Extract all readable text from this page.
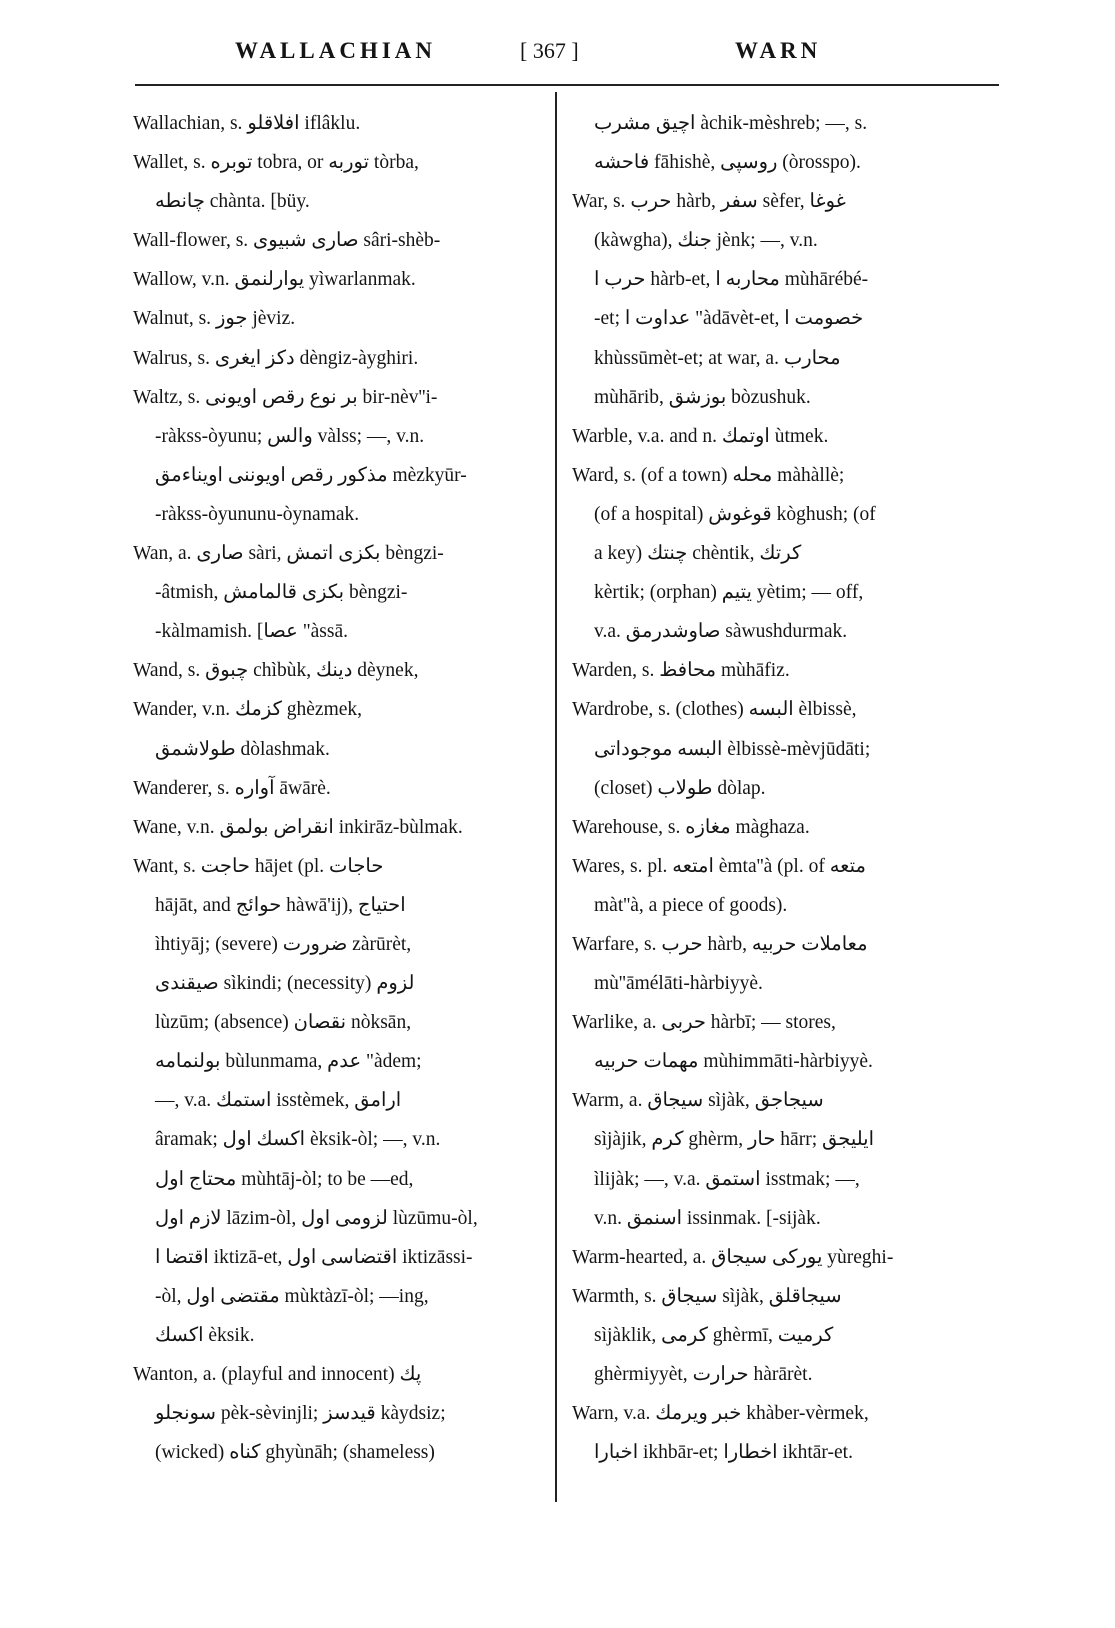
WALLACHIAN	[ 367 ]	WARN
Wallachian, s. افلاقلو iflâklu.
Wallet, s. توبره tobra, or توربه tòrba,
چانطه chànta. [büy.
Wall-flower, s. صارى شبيوى sâri-shèb-
Wallow, v.n. يوارلنمق yìwarlanmak.
Walnut, s. جوز jèviz.
Walrus, s. دكز ايغرى dèngiz-àyghiri.
Waltz, s. بر نوع رقص اويونى bir-nèv''i-
-ràkss-òyunu; والس vàlss; —, v.n.
مذكور رقص اويوننى اويناءمق mèzkyūr-
-ràkss-òyununu-òynamak.
Wan, a. صارى sàri, بكزى اتمش bèngzi-
-âtmish, بكزى قالمامش bèngzi-
-kàlmamish. [عصا "àssā.
Wand, s. چبوق chìbùk, دينك dèynek,
Wander, v.n. كزمك ghèzmek,
طولاشمق dòlashmak.
Wanderer, s. آواره āwārè.
Wane, v.n. انقراض بولمق inkirāz-bùlmak.
Want, s. حاجت hājet (pl. حاجات
hājāt, and حوائج hàwā'ij), احتياج
ìhtiyāj; (severe) ضرورت zàrūrèt,
صيقندى sìkindi; (necessity) لزوم
lùzūm; (absence) نقصان nòksān,
بولنمامه bùlunmama, عدم "àdem;
—, v.a. استمك isstèmek, ارامق
âramak; اكسك اول èksik-òl; —, v.n.
محتاج اول mùhtāj-òl; to be —ed,
لازم اول lāzim-òl, لزومى اول lùzūmu-òl,
اقتضا ا iktizā-et, اقتضاسى اول iktizāssi-
-òl, مقتضى اول mùktàzī-òl; —ing,
اكسك èksik.
Wanton, a. (playful and innocent) پك
سونجلو pèk-sèvinjli; قيدسز kàydsiz;
(wicked) كناه ghyùnāh; (shameless)
اچيق مشرب àchik-mèshreb; —, s.
فاحشه fāhishè, روسپى (òrosspo).
War, s. حرب hàrb, سفر sèfer, غوغا
(kàwgha), جنك jènk; —, v.n.
حرب ا hàrb-et, محاربه ا mùhārébé-
-et; عداوت ا "àdāvèt-et, خصومت ا
khùssūmèt-et; at war, a. محارب
mùhārib, بوزشق bòzushuk.
Warble, v.a. and n. اوتمك ùtmek.
Ward, s. (of a town) محله màhàllè;
(of a hospital) قوغوش kòghush; (of
a key) چنتك chèntik, كرتك
kèrtik; (orphan) يتيم yètim; — off,
v.a. صاوشدرمق sàwushdurmak.
Warden, s. محافظ mùhāfiz.
Wardrobe, s. (clothes) البسه èlbissè,
البسه موجوداتى èlbissè-mèvjūdāti;
(closet) طولاب dòlap.
Warehouse, s. مغازه màghaza.
Wares, s. pl. امتعه èmta''à (pl. of متعه
màt''à, a piece of goods).
Warfare, s. حرب hàrb, معاملات حربيه
mù''āmélāti-hàrbiyyè.
Warlike, a. حربى hàrbī; — stores,
مهمات حربيه mùhimmāti-hàrbiyyè.
Warm, a. سيجاق sìjàk, سيجاجق
sìjàjik, كرم ghèrm, حار hārr; ايليجق
ìlijàk; —, v.a. استمق isstmak; —,
v.n. اسنمق issinmak. [-sijàk.
Warm-hearted, a. يوركى سيجاق yùreghi-
Warmth, s. سيجاق sìjàk, سيجاقلق
sìjàklik, كرمى ghèrmī, كرميت
ghèrmiyyèt, حرارت hàrārèt.
Warn, v.a. خبر ويرمك khàber-vèrmek,
اخبارا ikhbār-et; اخطارا ikhtār-et.
